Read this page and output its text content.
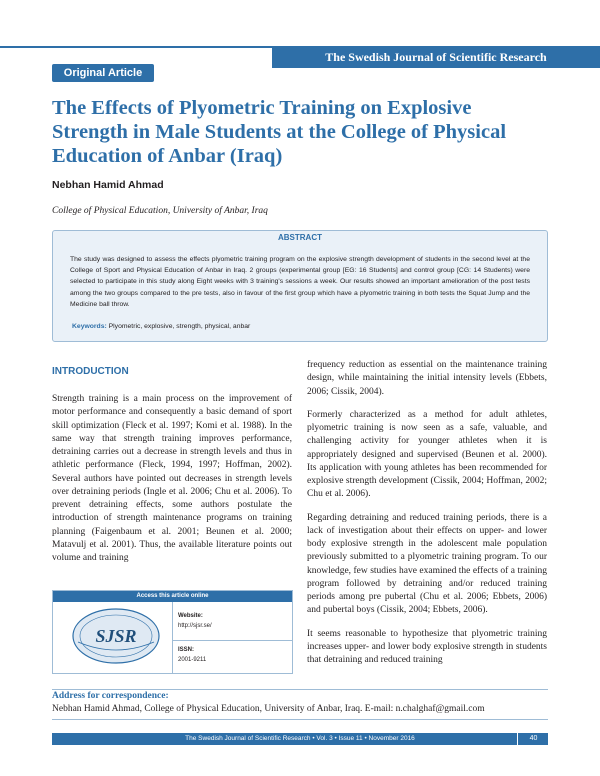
The Swedish Journal of Scientific Research
Original Article
The Effects of Plyometric Training on Explosive Strength in Male Students at the College of Physical Education of Anbar (Iraq)
Nebhan Hamid Ahmad
College of Physical Education, University of Anbar, Iraq
ABSTRACT
The study was designed to assess the effects plyometric training program on the explosive strength development of students in the second level at the College of Sport and Physical Education of Anbar in Iraq. 2 groups (experimental group [EG: 16 Students] and control group [CG: 14 Students) were selected to participate in this study along Eight weeks with 3 training's sessions a week. Our results showed an important amelioration of the post tests among the two groups compared to the pre tests, also in favour of the first group which have a plyometric training in both tests the Squat Jump and the Medicine ball throw.
Keywords: Plyometric, explosive, strength, physical, anbar
INTRODUCTION

Strength training is a main process on the improvement of motor performance and consequently a basic demand of sport skill optimization (Fleck et al. 1997; Komi et al. 1988). In the same way that strength training improves performance, detraining carries out a decrease in strength levels and thus in athletic performance (Fleck, 1994, 1997; Hoffman, 2002). Several authors have pointed out decreases in strength levels over detraining periods (Ingle et al. 2006; Chu et al. 2006). To prevent detraining effects, some authors postulate the introduction of strength maintenance programs on training planning (Faigenbaum et al. 2001; Beunen et al. 2000; Matavulj et al. 2001). Thus, the available literature points out volume and training

frequency reduction as essential on the maintenance training design, while maintaining the initial intensity levels (Ebbets, 2006; Cissik, 2004).

Formerly characterized as a method for adult athletes, plyometric training is now seen as a safe, valuable, and challenging activity for younger athletes when it is appropriately designed and supervised (Beunen et al. 2000). Its application with young athletes has been recommended for explosive strength development (Cissik, 2004; Hoffman, 2002; Chu et al. 2006).

Regarding detraining and reduced training periods, there is a lack of investigation about their effects on upper- and lower body explosive strength in the adolescent male population previously submitted to a plyometric training program. To our knowledge, few studies have examined the effects of a training program followed by detraining and/or reduced training periods among pre pubertal (Chu et al. 2006; Ebbets, 2006) and pubertal boys (Cissik, 2004; Ebbets, 2006).

It seems reasonable to hypothesize that plyometric training increases upper- and lower body explosive strength in students that detraining and reduced training

Access this article online
SJSR
Website:
http://sjsr.se/
ISSN:
2001-9211
Address for correspondence:
Nebhan Hamid Ahmad, College of Physical Education, University of Anbar, Iraq. E-mail: n.chalghaf@gmail.com
The Swedish Journal of Scientific Research • Vol. 3 • Issue 11 • November 2016	40
